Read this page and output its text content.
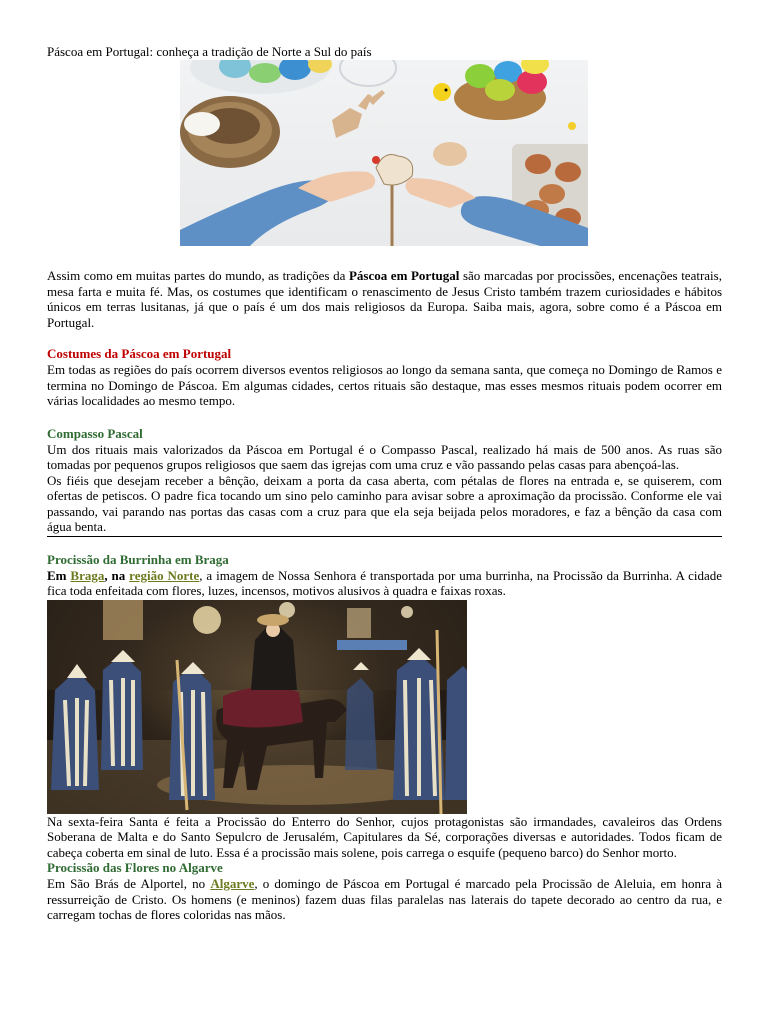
Páscoa em Portugal: conheça a tradição de Norte a Sul do país

Assim como em muitas partes do mundo, as tradições da Páscoa em Portugal são marcadas por procissões, encenações teatrais, mesa farta e muita fé. Mas, os costumes que identificam o renascimento de Jesus Cristo também trazem curiosidades e hábitos únicos em terras lusitanas, já que o país é um dos mais religiosos da Europa. Saiba mais, agora, sobre como é a Páscoa em Portugal.

Costumes da Páscoa em Portugal

Em todas as regiões do país ocorrem diversos eventos religiosos ao longo da semana santa, que começa no Domingo de Ramos e termina no Domingo de Páscoa. Em algumas cidades, certos rituais são destaque, mas esses mesmos rituais podem ocorrer em várias localidades ao mesmo tempo.

Compasso Pascal

Um dos rituais mais valorizados da Páscoa em Portugal é o Compasso Pascal, realizado há mais de 500 anos. As ruas são tomadas por pequenos grupos religiosos que saem das igrejas com uma cruz e vão passando pelas casas para abençoá-las.

Os fiéis que desejam receber a bênção, deixam a porta da casa aberta, com pétalas de flores na entrada e, se quiserem, com ofertas de petiscos. O padre fica tocando um sino pelo caminho para avisar sobre a aproximação da procissão. Conforme ele vai passando, vai parando nas portas das casas com a cruz para que ela seja beijada pelos moradores, e faz a bênção da casa com água benta.

Procissão da Burrinha em Braga

Em Braga, na região Norte, a imagem de Nossa Senhora é transportada por uma burrinha, na Procissão da Burrinha. A cidade fica toda enfeitada com flores, luzes, incensos, motivos alusivos à quadra e faixas roxas.

Na sexta-feira Santa é feita a Procissão do Enterro do Senhor, cujos protagonistas são irmandades, cavaleiros das Ordens Soberana de Malta e do Santo Sepulcro de Jerusalém, Capitulares da Sé, corporações diversas e autoridades. Todos ficam de cabeça coberta em sinal de luto. Essa é a procissão mais solene, pois carrega o esquife (pequeno barco) do Senhor morto.

Procissão das Flores no Algarve

Em São Brás de Alportel, no Algarve, o domingo de Páscoa em Portugal é marcado pela Procissão de Aleluia, em honra à ressurreição de Cristo. Os homens (e meninos) fazem duas filas paralelas nas laterais do tapete decorado ao centro da rua, e carregam tochas de flores coloridas nas mãos.
